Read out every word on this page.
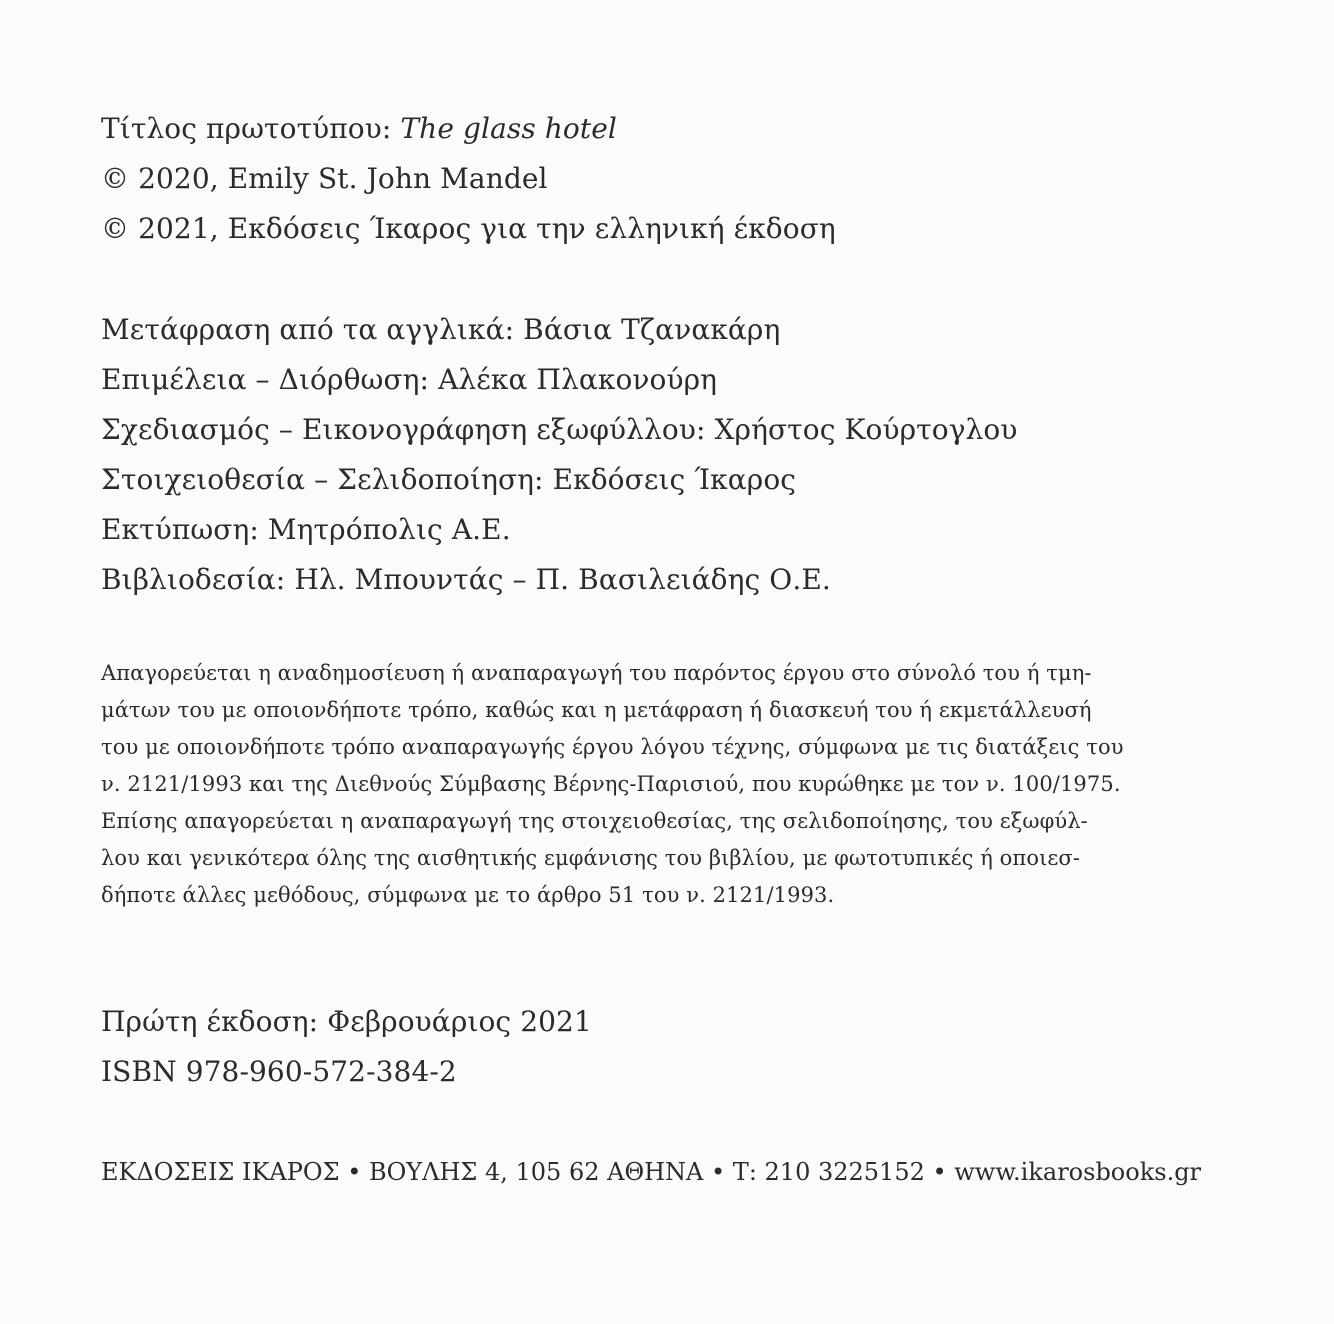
Τίτλος πρωτοτύπου: The glass hotel
© 2020, Emily St. John Mandel
© 2021, Εκδόσεις Ίκαρος για την ελληνική έκδοση
Μετάφραση από τα αγγλικά: Βάσια Τζανακάρη
Επιμέλεια – Διόρθωση: Αλέκα Πλακονούρη
Σχεδιασμός – Εικονογράφηση εξωφύλλου: Χρήστος Κούρτογλου
Στοιχειοθεσία – Σελιδοποίηση: Εκδόσεις Ίκαρος
Εκτύπωση: Μητρόπολις Α.Ε.
Βιβλιοδεσία: Ηλ. Μπουντάς – Π. Βασιλειάδης Ο.Ε.
Απαγορεύεται η αναδημοσίευση ή αναπαραγωγή του παρόντος έργου στο σύνολό του ή τμη-
μάτων του με οποιονδήποτε τρόπο, καθώς και η μετάφραση ή διασκευή του ή εκμετάλλευσή
του με οποιονδήποτε τρόπο αναπαραγωγής έργου λόγου τέχνης, σύμφωνα με τις διατάξεις του
ν. 2121/1993 και της Διεθνούς Σύμβασης Βέρνης-Παρισιού, που κυρώθηκε με τον ν. 100/1975.
Επίσης απαγορεύεται η αναπαραγωγή της στοιχειοθεσίας, της σελιδοποίησης, του εξωφύλ-
λου και γενικότερα όλης της αισθητικής εμφάνισης του βιβλίου, με φωτοτυπικές ή οποιεσ-
δήποτε άλλες μεθόδους, σύμφωνα με το άρθρο 51 του ν. 2121/1993.
Πρώτη έκδοση: Φεβρουάριος 2021
ISBN 978-960-572-384-2
ΕΚΔΟΣΕΙΣ ΙΚΑΡΟΣ • ΒΟΥΛΗΣ 4, 105 62 ΑΘΗΝΑ • Τ: 210 3225152 • www.ikarosbooks.gr
